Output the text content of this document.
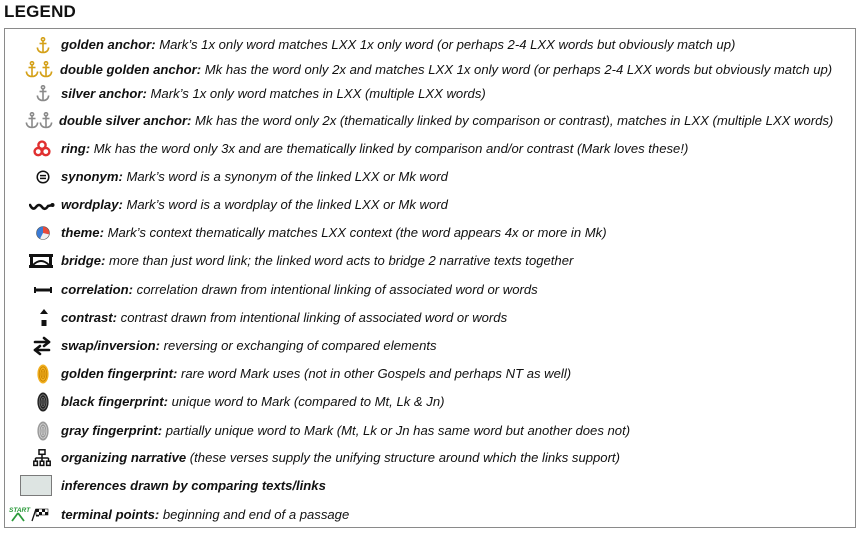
LEGEND
golden anchor: Mark’s 1x only word matches LXX 1x only word (or perhaps 2-4 LXX words but obviously match up)
double golden anchor: Mk has the word only 2x and matches LXX 1x only word (or perhaps 2-4 LXX words but obviously match up)
silver anchor: Mark’s 1x only word matches in LXX (multiple LXX words)
double silver anchor: Mk has the word only 2x (thematically linked by comparison or contrast), matches in LXX (multiple LXX words)
ring: Mk has the word only 3x and are thematically linked by comparison and/or contrast (Mark loves these!)
synonym: Mark’s word is a synonym of the linked LXX or Mk word
wordplay: Mark’s word is a wordplay of the linked LXX or Mk word
theme: Mark’s context thematically matches LXX context (the word appears 4x or more in Mk)
bridge: more than just word link; the linked word acts to bridge 2 narrative texts together
correlation: correlation drawn from intentional linking of associated word or words
contrast: contrast drawn from intentional linking of associated word or words
swap/inversion: reversing or exchanging of compared elements
golden fingerprint: rare word Mark uses (not in other Gospels and perhaps NT as well)
black fingerprint: unique word to Mark (compared to Mt, Lk & Jn)
gray fingerprint: partially unique word to Mark (Mt, Lk or Jn has same word but another does not)
organizing narrative (these verses supply the unifying structure around which the links support)
inferences drawn by comparing texts/links
START terminal points: beginning and end of a passage
